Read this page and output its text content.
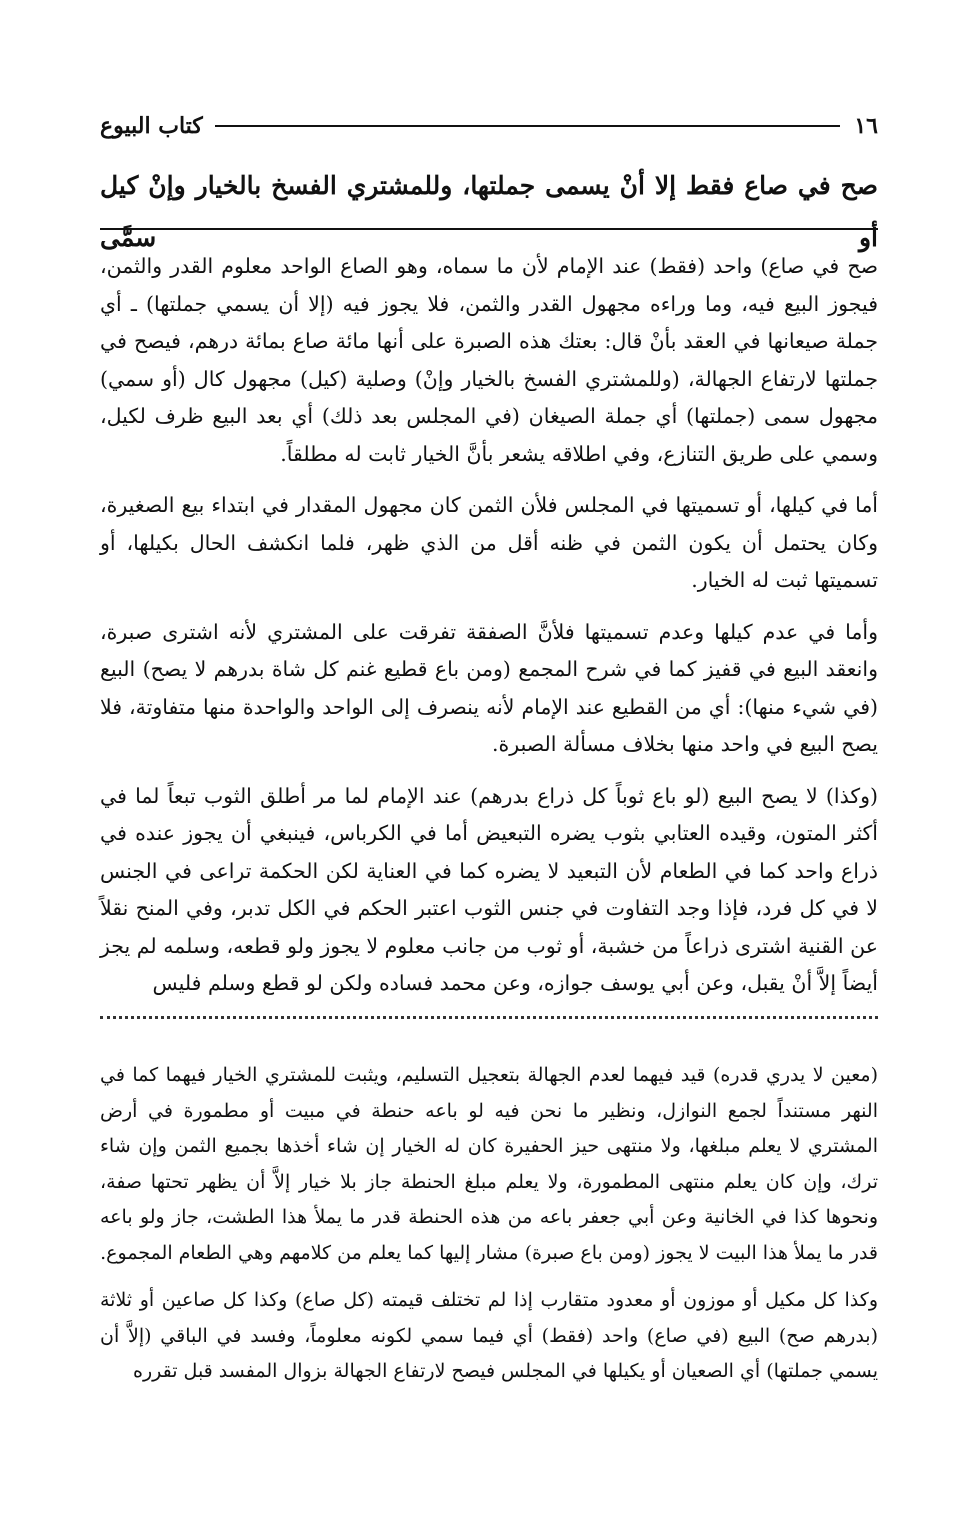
١٦
كتاب البيوع
صح في صاع فقط إلا أنْ يسمى جملتها، وللمشتري الفسخ بالخيار وإنْ كيل أو سمَّى

صح في صاع) واحد (فقط) عند الإمام لأن ما سماه، وهو الصاع الواحد معلوم القدر والثمن، فيجوز البيع فيه، وما وراءه مجهول القدر والثمن، فلا يجوز فيه (إلا أن يسمي جملتها) ـ أي جملة صيعانها في العقد بأنْ قال: بعتك هذه الصبرة على أنها مائة صاع بمائة درهم، فيصح في جملتها لارتفاع الجهالة، (وللمشتري الفسخ بالخيار وإنْ) وصلية (كيل) مجهول كال (أو سمي) مجهول سمى (جملتها) أي جملة الصيغان (في المجلس بعد ذلك) أي بعد البيع ظرف لكيل، وسمي على طريق التنازع، وفي اطلاقه يشعر بأنَّ الخيار ثابت له مطلقاً.

أما في كيلها، أو تسميتها في المجلس فلأن الثمن كان مجهول المقدار في ابتداء بيع الصغيرة، وكان يحتمل أن يكون الثمن في ظنه أقل من الذي ظهر، فلما انكشف الحال بكيلها، أو تسميتها ثبت له الخيار.

وأما في عدم كيلها وعدم تسميتها فلأنَّ الصفقة تفرقت على المشتري لأنه اشترى صبرة، وانعقد البيع في قفيز كما في شرح المجمع (ومن باع قطيع غنم كل شاة بدرهم لا يصح) البيع (في شيء منها): أي من القطيع عند الإمام لأنه ينصرف إلى الواحد والواحدة منها متفاوتة، فلا يصح البيع في واحد منها بخلاف مسألة الصبرة.

(وكذا) لا يصح البيع (لو باع ثوباً كل ذراع بدرهم) عند الإمام لما مر أطلق الثوب تبعاً لما في أكثر المتون، وقيده العتابي بثوب يضره التبعيض أما في الكرباس، فينبغي أن يجوز عنده في ذراع واحد كما في الطعام لأن التبعيد لا يضره كما في العناية لكن الحكمة تراعى في الجنس لا في كل فرد، فإذا وجد التفاوت في جنس الثوب اعتبر الحكم في الكل تدبر، وفي المنح نقلاً عن القنية اشترى ذراعاً من خشبة، أو ثوب من جانب معلوم لا يجوز ولو قطعه، وسلمه لم يجز أيضاً إلاَّ أنْ يقبل، وعن أبي يوسف جوازه، وعن محمد فساده ولكن لو قطع وسلم فليس

(معين لا يدري قدره) قيد فيهما لعدم الجهالة بتعجيل التسليم، ويثبت للمشتري الخيار فيهما كما في النهر مستنداً لجمع النوازل، ونظير ما نحن فيه لو باعه حنطة في مبيت أو مطمورة في أرض المشتري لا يعلم مبلغها، ولا منتهى حيز الحفيرة كان له الخيار إن شاء أخذها بجميع الثمن وإن شاء ترك، وإن كان يعلم منتهى المطمورة، ولا يعلم مبلغ الحنطة جاز بلا خيار إلاَّ أن يظهر تحتها صفة، ونحوها كذا في الخانية وعن أبي جعفر باعه من هذه الحنطة قدر ما يملأ هذا الطشت، جاز ولو باعه قدر ما يملأ هذا البيت لا يجوز (ومن باع صبرة) مشار إليها كما يعلم من كلامهم وهي الطعام المجموع.

وكذا كل مكيل أو موزون أو معدود متقارب إذا لم تختلف قيمته (كل صاع) وكذا كل صاعين أو ثلاثة (بدرهم صح) البيع (في صاع) واحد (فقط) أي فيما سمي لكونه معلوماً، وفسد في الباقي (إلاَّ أن يسمي جملتها) أي الصعيان أو يكيلها في المجلس فيصح لارتفاع الجهالة بزوال المفسد قبل تقرره
